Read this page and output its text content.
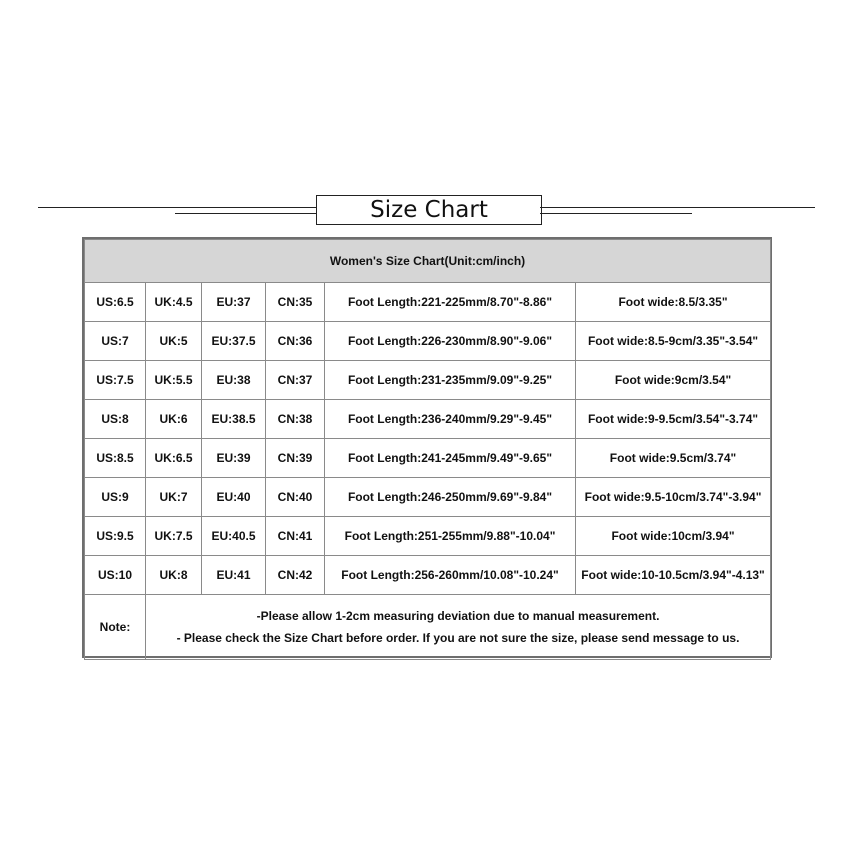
Size Chart
Women's Size Chart(Unit:cm/inch)					
US:6.5	UK:4.5	EU:37	CN:35	Foot Length:221-225mm/8.70"-8.86"	Foot wide:8.5/3.35"
US:7	UK:5	EU:37.5	CN:36	Foot Length:226-230mm/8.90"-9.06"	Foot wide:8.5-9cm/3.35"-3.54"
US:7.5	UK:5.5	EU:38	CN:37	Foot Length:231-235mm/9.09"-9.25"	Foot wide:9cm/3.54"
US:8	UK:6	EU:38.5	CN:38	Foot Length:236-240mm/9.29"-9.45"	Foot wide:9-9.5cm/3.54"-3.74"
US:8.5	UK:6.5	EU:39	CN:39	Foot Length:241-245mm/9.49"-9.65"	Foot wide:9.5cm/3.74"
US:9	UK:7	EU:40	CN:40	Foot Length:246-250mm/9.69"-9.84"	Foot wide:9.5-10cm/3.74"-3.94"
US:9.5	UK:7.5	EU:40.5	CN:41	Foot Length:251-255mm/9.88"-10.04"	Foot wide:10cm/3.94"
US:10	UK:8	EU:41	CN:42	Foot Length:256-260mm/10.08"-10.24"	Foot wide:10-10.5cm/3.94"-4.13"
Note:	-Please allow 1-2cm measuring deviation due to manual measurement.
- Please check the Size Chart before order. If you are not sure the size, please send message to us.				
